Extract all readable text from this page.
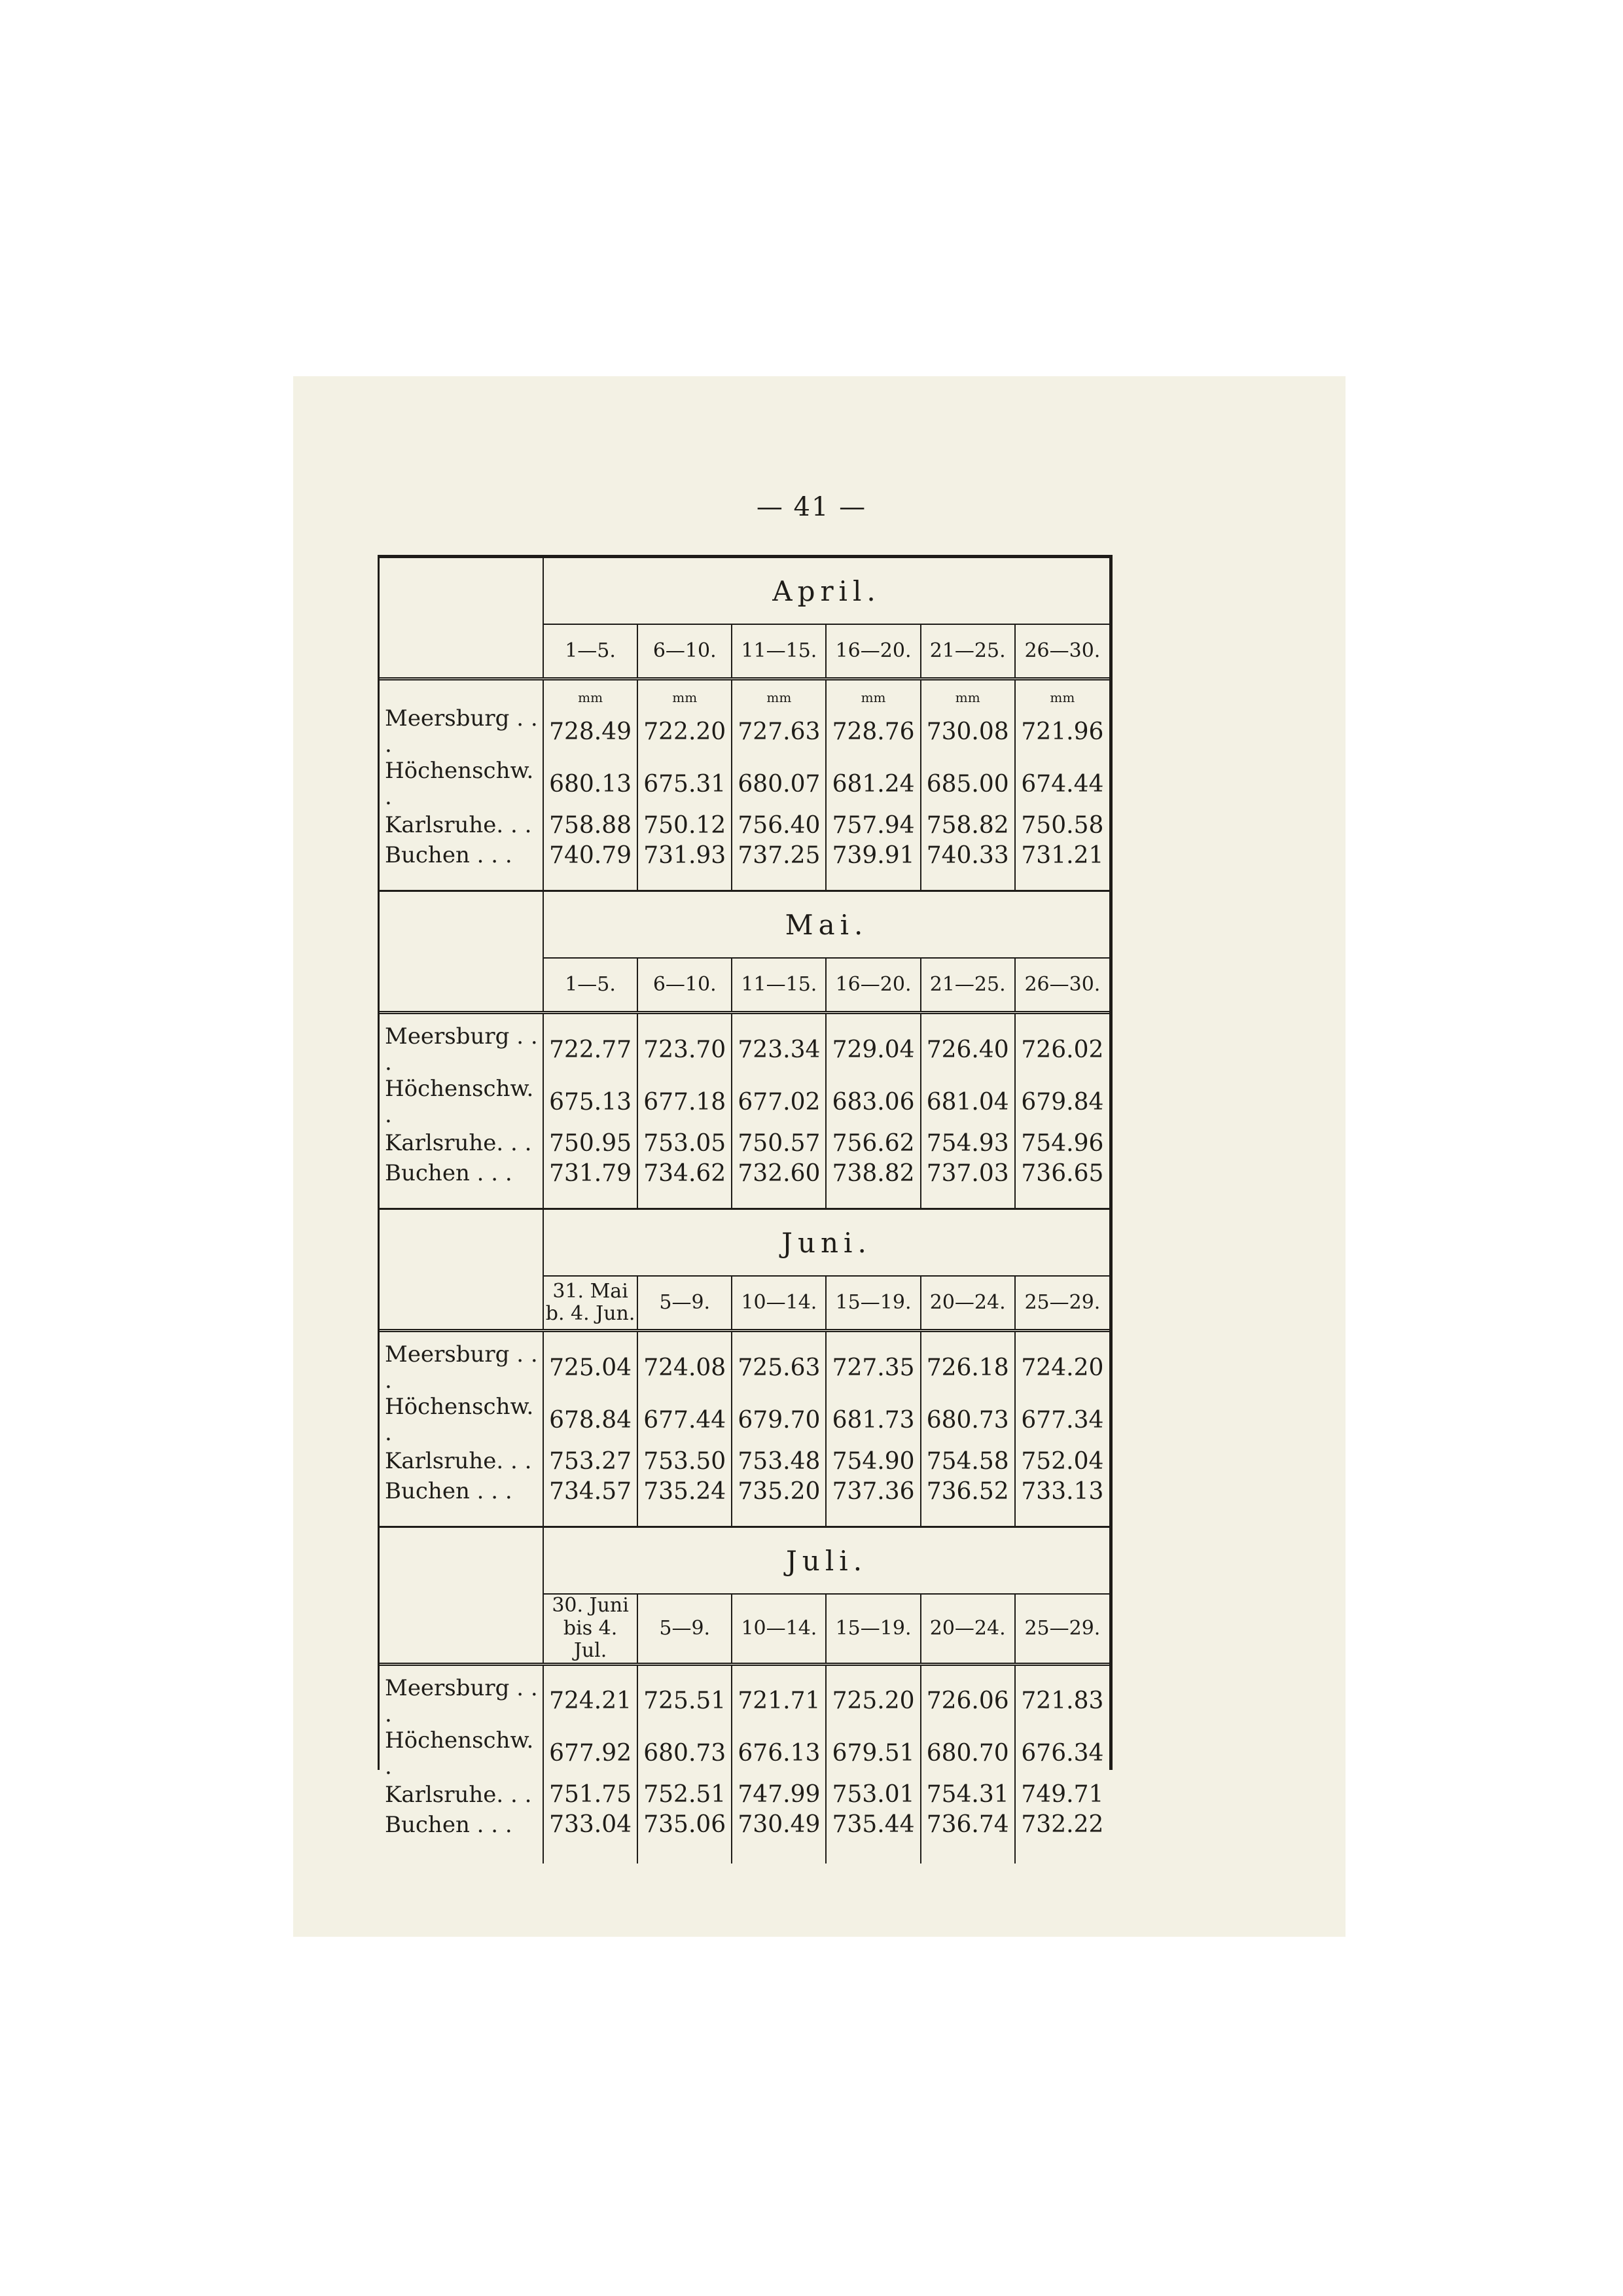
— 41 —
	April.					
	1—5.	6—10.	11—15.	16—20.	21—25.	26—30.

	mm	mm	mm	mm	mm	mm
Meersburg . . .	728.49	722.20	727.63	728.76	730.08	721.96
Höchenschw. .	680.13	675.31	680.07	681.24	685.00	674.44
Karlsruhe. . .	758.88	750.12	756.40	757.94	758.82	750.58
Buchen . . .	740.79	731.93	737.25	739.91	740.33	731.21

	Mai.					
	1—5.	6—10.	11—15.	16—20.	21—25.	26—30.

Meersburg . . .	722.77	723.70	723.34	729.04	726.40	726.02
Höchenschw. .	675.13	677.18	677.02	683.06	681.04	679.84
Karlsruhe. . .	750.95	753.05	750.57	756.62	754.93	754.96
Buchen . . .	731.79	734.62	732.60	738.82	737.03	736.65

	Juni.					
	31. Mai b. 4. Jun.	5—9.	10—14.	15—19.	20—24.	25—29.

Meersburg . . .	725.04	724.08	725.63	727.35	726.18	724.20
Höchenschw. .	678.84	677.44	679.70	681.73	680.73	677.34
Karlsruhe. . .	753.27	753.50	753.48	754.90	754.58	752.04
Buchen . . .	734.57	735.24	735.20	737.36	736.52	733.13

	Juli.					
	30. Juni bis 4. Jul.	5—9.	10—14.	15—19.	20—24.	25—29.

Meersburg . . .	724.21	725.51	721.71	725.20	726.06	721.83
Höchenschw. .	677.92	680.73	676.13	679.51	680.70	676.34
Karlsruhe. . .	751.75	752.51	747.99	753.01	754.31	749.71
Buchen . . .	733.04	735.06	730.49	735.44	736.74	732.22
